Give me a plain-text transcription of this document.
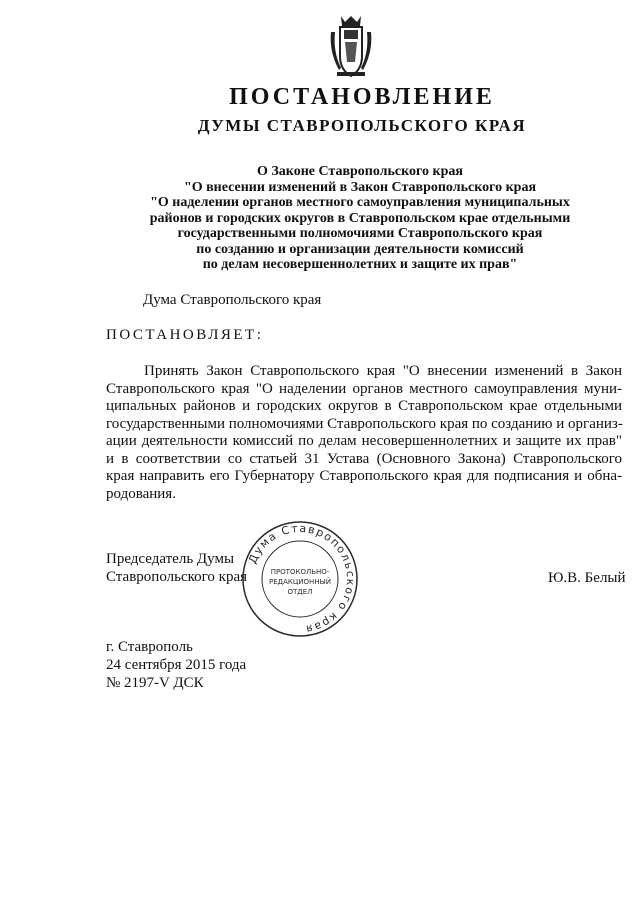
ПОСТАНОВЛЕНИЕ
ДУМЫ СТАВРОПОЛЬСКОГО КРАЯ
О Законе Ставропольского края
"О внесении изменений в Закон Ставропольского края
"О наделении органов местного самоуправления муниципальных
районов и городских округов в Ставропольском крае отдельными
государственными полномочиями Ставропольского края
по созданию и организации деятельности комиссий
по делам несовершеннолетних и защите их прав"
Дума Ставропольского края
ПОСТАНОВЛЯЕТ:
Принять Закон Ставропольского края "О внесении изменений в Закон
Ставропольского края "О наделении органов местного самоуправления муни-
ципальных районов и городских округов в Ставропольском крае отдельными
государственными полномочиями Ставропольского края по созданию и организ-
ации деятельности комиссий по делам несовершеннолетних и защите их прав"
и в соответствии со статьей 31 Устава (Основного Закона) Ставропольского
края направить его Губернатору Ставропольского края для подписания и обна-
родования.
Председатель Думы
Ставропольского края
Дума Ставропольского края
ПРОТОКОЛЬНО-
РЕДАКЦИОННЫЙ
ОТДЕЛ
Ю.В. Белый
г. Ставрополь
24 сентября 2015 года
№ 2197-V ДСК
